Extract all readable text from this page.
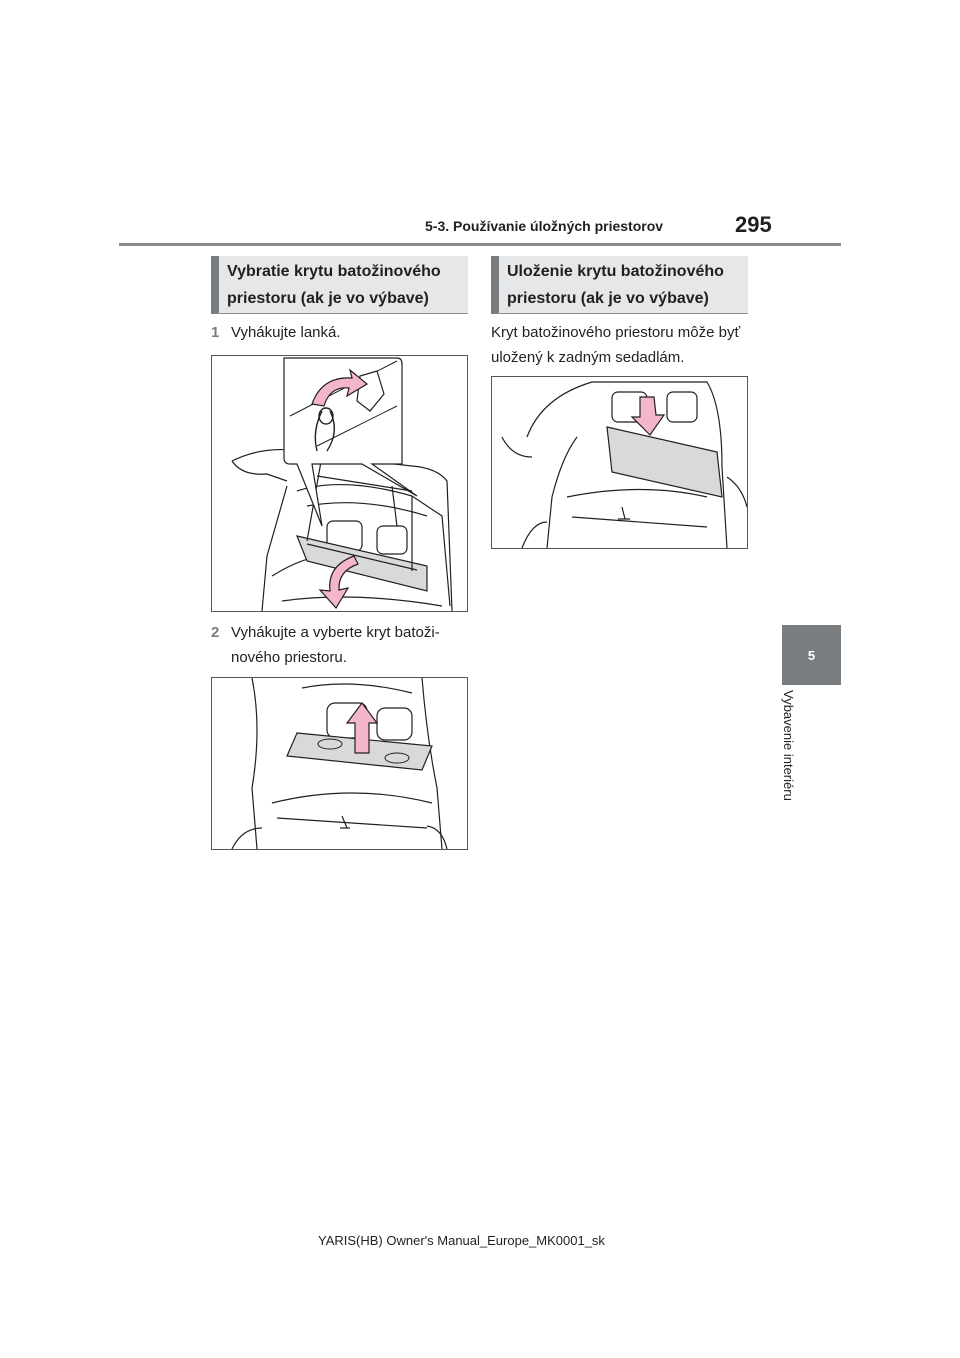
5-3. Používanie úložných priestorov	295
5
Vybavenie interiéru
Vybratie krytu batožinového priestoru (ak je vo výbave)
1 Vyhákujte lanká.
2 Vyhákujte a vyberte kryt batoži-nového priestoru.
Uloženie krytu batožinového priestoru (ak je vo výbave)
Kryt batožinového priestoru môže byť uložený k zadným sedadlám.
YARIS(HB) Owner's Manual_Europe_MK0001_sk
